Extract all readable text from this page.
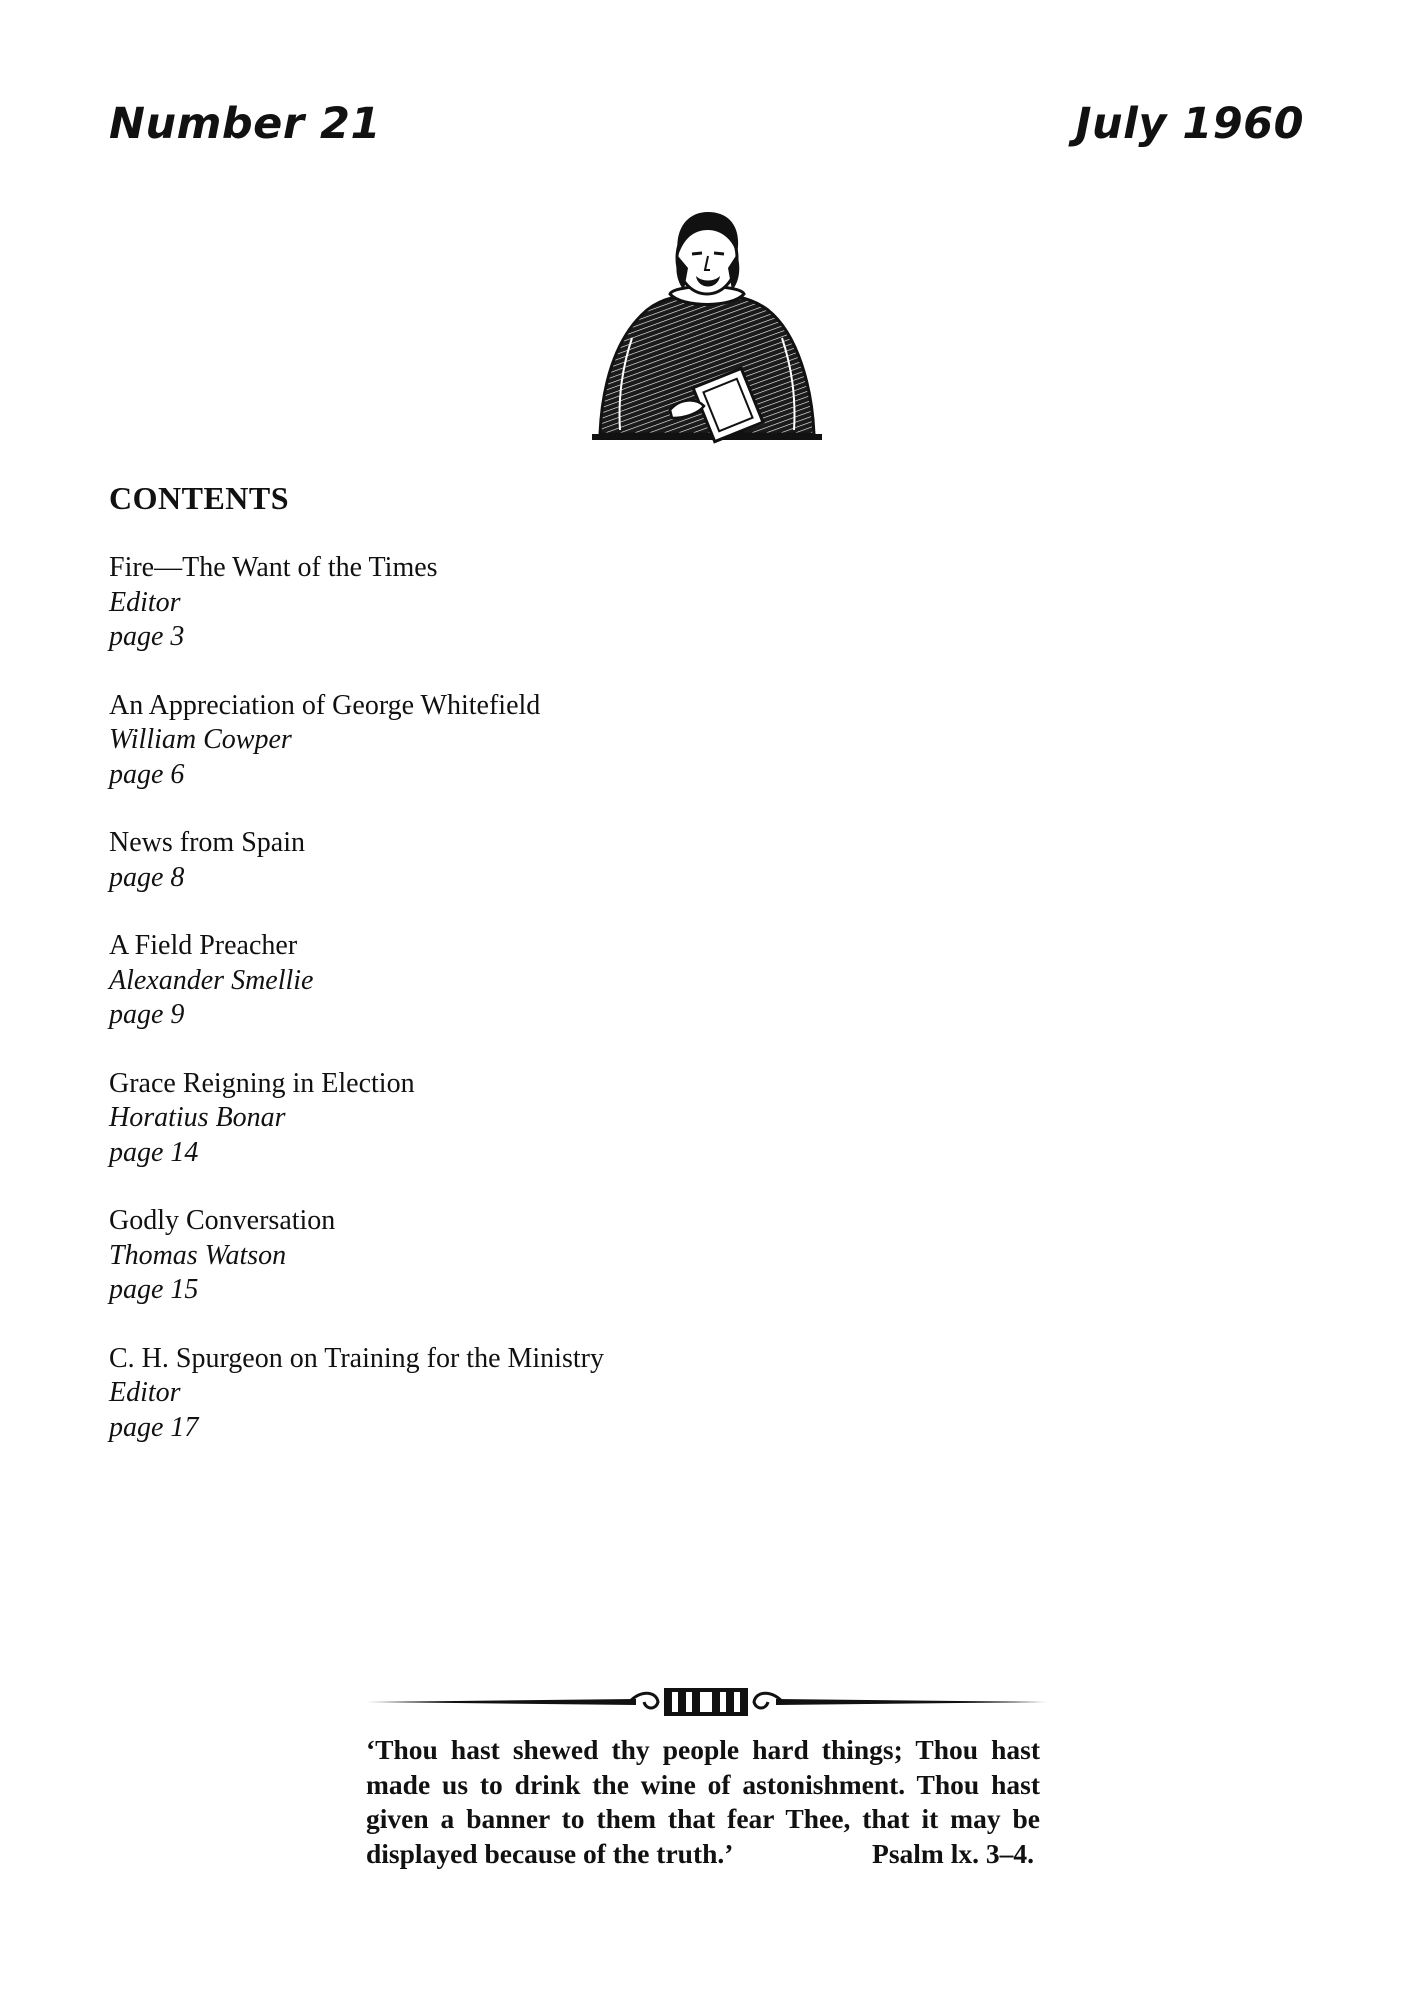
Number 21	July 1960
CONTENTS
Fire—The Want of the Times
Editor
page 3
An Appreciation of George Whitefield
William Cowper
page 6
News from Spain
page 8
A Field Preacher
Alexander Smellie
page 9
Grace Reigning in Election
Horatius Bonar
page 14
Godly Conversation
Thomas Watson
page 15
C. H. Spurgeon on Training for the Ministry
Editor
page 17

‘Thou hast shewed thy people hard things; Thou hast made us to drink the wine of astonishment. Thou hast given a banner to them that fear Thee, that it may be displayed because of the truth.’	Psalm lx. 3–4.
